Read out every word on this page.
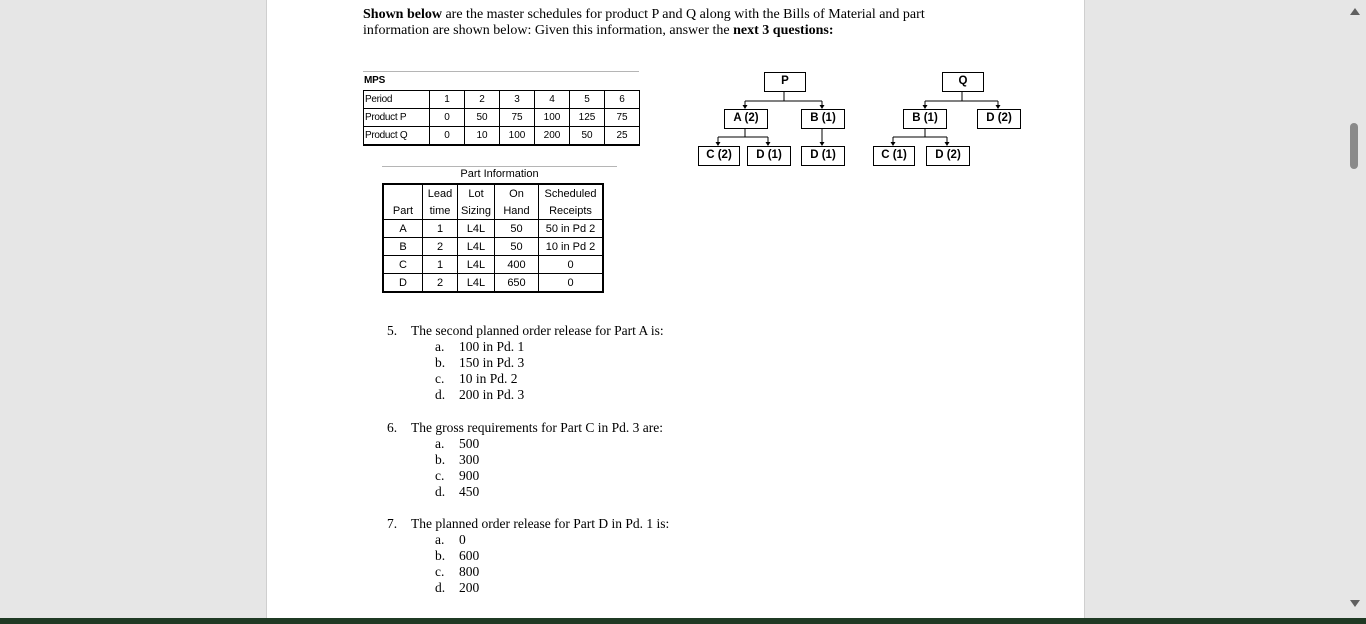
Shown below are the master schedules for product P and Q along with the Bills of Material and part
information are shown below: Given this information, answer the next 3 questions:
MPS
Period	1	2	3	4	5	6
Product P	0	50	75	100	125	75
Product Q	0	10	100	200	50	25
Part Information
	Lead	Lot	On	Scheduled
Part	time	Sizing	Hand	Receipts
A	1	L4L	50	50 in Pd 2
B	2	L4L	50	10 in Pd 2
C	1	L4L	400	0
D	2	L4L	650	0
P
A (2)	B (1)
C (2)	D (1)	D (1)
Q
B (1)	D (2)
C (1)	D (2)
5. The second planned order release for Part A is:
a. 100 in Pd. 1
b. 150 in Pd. 3
c. 10 in Pd. 2
d. 200 in Pd. 3
6. The gross requirements for Part C in Pd. 3 are:
a. 500
b. 300
c. 900
d. 450
7. The planned order release for Part D in Pd. 1 is:
a. 0
b. 600
c. 800
d. 200
